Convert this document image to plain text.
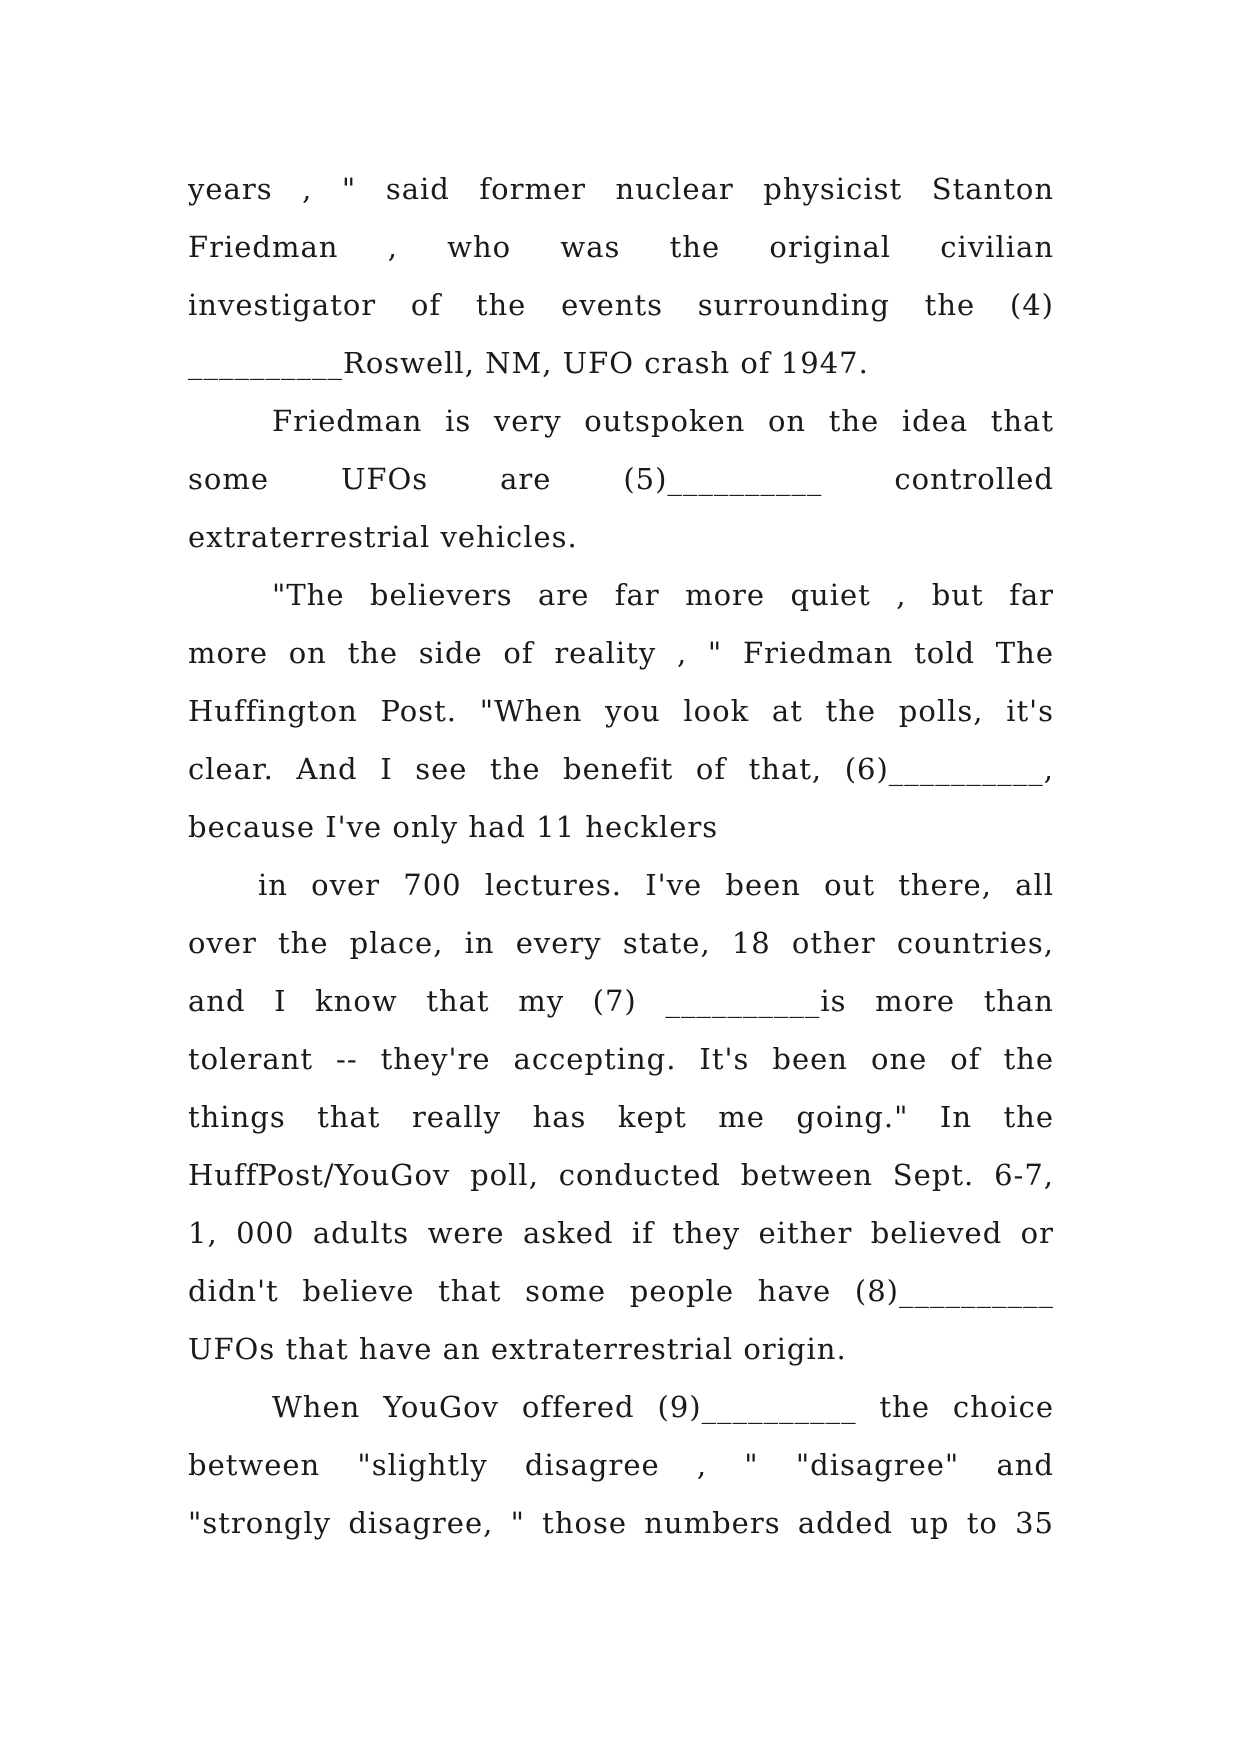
years , " said former nuclear physicist Stanton
Friedman , who was the original civilian
investigator of the events surrounding the (4)
__________Roswell, NM, UFO crash of 1947.
Friedman is very outspoken on the idea that
some UFOs are (5)__________ controlled
extraterrestrial vehicles.
"The believers are far more quiet , but far
more on the side of reality , " Friedman told The
Huffington Post. "When you look at the polls, it's
clear. And I see the benefit of that, (6)__________,
because I've only had 11 hecklers
in over 700 lectures. I've been out there, all
over the place, in every state, 18 other countries,
and I know that my (7) __________is more than
tolerant -- they're accepting. It's been one of the
things that really has kept me going." In the
HuffPost/YouGov poll, conducted between Sept. 6-7,
1, 000 adults were asked if they either believed or
didn't believe that some people have (8)__________
UFOs that have an extraterrestrial origin.
When YouGov offered (9)__________ the choice
between "slightly disagree , " "disagree" and
"strongly disagree, " those numbers added up to 35
